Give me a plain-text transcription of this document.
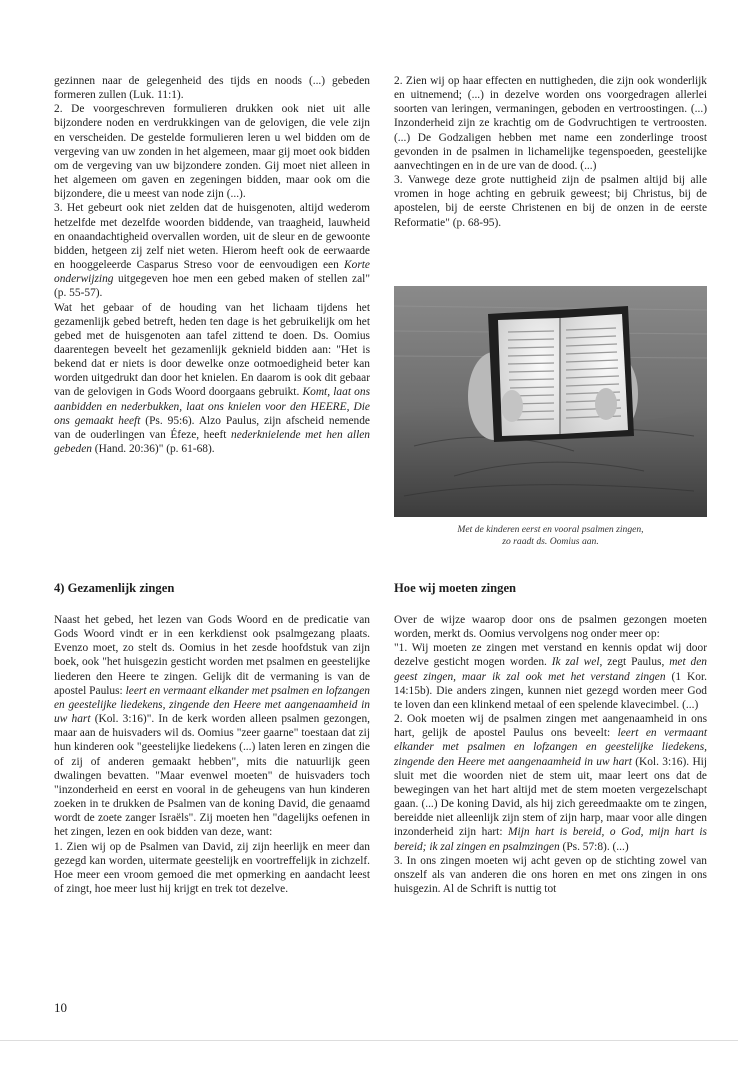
gezinnen naar de gelegenheid des tijds en noods (...) gebeden formeren zullen (Luk. 11:1).

2. De voorgeschreven formulieren drukken ook niet uit alle bijzondere noden en verdrukkingen van de gelovigen, die vele zijn en verscheiden. De gestelde formulieren leren u wel bidden om de vergeving van uw zonden in het algemeen, maar gij moet ook bidden om de vergeving van uw bijzondere zonden. Gij moet niet alleen in het algemeen om gaven en zegeningen bidden, maar ook om die bijzondere, die u meest van node zijn (...).

3. Het gebeurt ook niet zelden dat de huisgenoten, altijd wederom hetzelfde met dezelfde woorden biddende, van traagheid, lauwheid en onaandachtigheid overvallen worden, uit de sleur en de gewoonte bidden, hetgeen zij zelf niet weten. Hierom heeft ook de eerwaarde en hooggeleerde Casparus Streso voor de eenvoudigen een Korte onderwijzing uitgegeven hoe men een gebed maken of stellen zal" (p. 55-57).

Wat het gebaar of de houding van het lichaam tijdens het gezamenlijk gebed betreft, heden ten dage is het gebruikelijk om het gebed met de huisgenoten aan tafel zittend te doen. Ds. Oomius daarentegen beveelt het gezamenlijk geknield bidden aan: "Het is bekend dat er niets is door dewelke onze ootmoedigheid beter kan worden uitgedrukt dan door het knielen. En daarom is ook dit gebaar van de gelovigen in Gods Woord doorgaans gebruikt. Komt, laat ons aanbidden en nederbukken, laat ons knielen voor den HEERE, Die ons gemaakt heeft (Ps. 95:6). Alzo Paulus, zijn afscheid nemende van de ouderlingen van Éfeze, heeft nederknielende met hen allen gebeden (Hand. 20:36)" (p. 61-68).

2. Zien wij op haar effecten en nuttigheden, die zijn ook wonderlijk en uitnemend; (...) in dezelve worden ons voorgedragen allerlei soorten van leringen, vermaningen, geboden en vertroostingen. (...) Inzonderheid zijn ze krachtig om de Godvruchtigen te vertroosten. (...) De Godzaligen hebben met name een zonderlinge troost gevonden in de psalmen in lichamelijke tegenspoeden, geestelijke aanvechtingen en in de ure van de dood. (...)

3. Vanwege deze grote nuttigheid zijn de psalmen altijd bij alle vromen in hoge achting en gebruik geweest; bij Christus, bij de apostelen, bij de eerste Christenen en bij de onzen in de eerste Reformatie" (p. 68-95).

Met de kinderen eerst en vooral psalmen zingen,
zo raadt ds. Oomius aan.
4) Gezamenlijk zingen

Naast het gebed, het lezen van Gods Woord en de predicatie van Gods Woord vindt er in een kerkdienst ook psalmgezang plaats. Evenzo moet, zo stelt ds. Oomius in het zesde hoofdstuk van zijn boek, ook "het huisgezin gesticht worden met psalmen en geestelijke liederen den Heere te zingen. Gelijk dit de vermaning is van de apostel Paulus: leert en vermaant elkander met psalmen en lofzangen en geestelijke liedekens, zingende den Heere met aangenaamheid in uw hart (Kol. 3:16)". In de kerk worden alleen psalmen gezongen, maar aan de huisvaders wil ds. Oomius "zeer gaarne" toestaan dat zij hun kinderen ook "geestelijke liedekens (...) laten leren en zingen die of zij of anderen gemaakt hebben", mits die natuurlijk geen dwalingen bevatten. "Maar evenwel moeten" de huisvaders toch "inzonderheid en eerst en vooral in de geheugens van hun kinderen zoeken in te drukken de Psalmen van de koning David, die genaamd wordt de zoete zanger Israëls". Zij moeten hen "dagelijks oefenen in het zingen, lezen en ook bidden van deze, want:

1. Zien wij op de Psalmen van David, zij zijn heerlijk en meer dan gezegd kan worden, uitermate geestelijk en voortreffelijk in zichzelf. Hoe meer een vroom gemoed die met opmerking en aandacht leest of zingt, hoe meer lust hij krijgt en trek tot dezelve.

Hoe wij moeten zingen

Over de wijze waarop door ons de psalmen gezongen moeten worden, merkt ds. Oomius vervolgens nog onder meer op:

"1. Wij moeten ze zingen met verstand en kennis opdat wij door dezelve gesticht mogen worden. Ik zal wel, zegt Paulus, met den geest zingen, maar ik zal ook met het verstand zingen (1 Kor. 14:15b). Die anders zingen, kunnen niet gezegd worden meer God te loven dan een klinkend metaal of een spelende klavecimbel. (...)

2. Ook moeten wij de psalmen zingen met aangenaamheid in ons hart, gelijk de apostel Paulus ons beveelt: leert en vermaant elkander met psalmen en lofzangen en geestelijke liedekens, zingende den Heere met aangenaamheid in uw hart (Kol. 3:16). Hij sluit met die woorden niet de stem uit, maar leert ons dat de bewegingen van het hart altijd met de stem moeten vergezelschapt gaan. (...) De koning David, als hij zich gereedmaakte om te zingen, bereidde niet alleenlijk zijn stem of zijn harp, maar voor alle dingen inzonderheid zijn hart: Mijn hart is bereid, o God, mijn hart is bereid; ik zal zingen en psalmzingen (Ps. 57:8). (...)

3. In ons zingen moeten wij acht geven op de stichting zowel van onszelf als van anderen die ons horen en met ons zingen in ons huisgezin. Al de Schrift is nuttig tot

10
